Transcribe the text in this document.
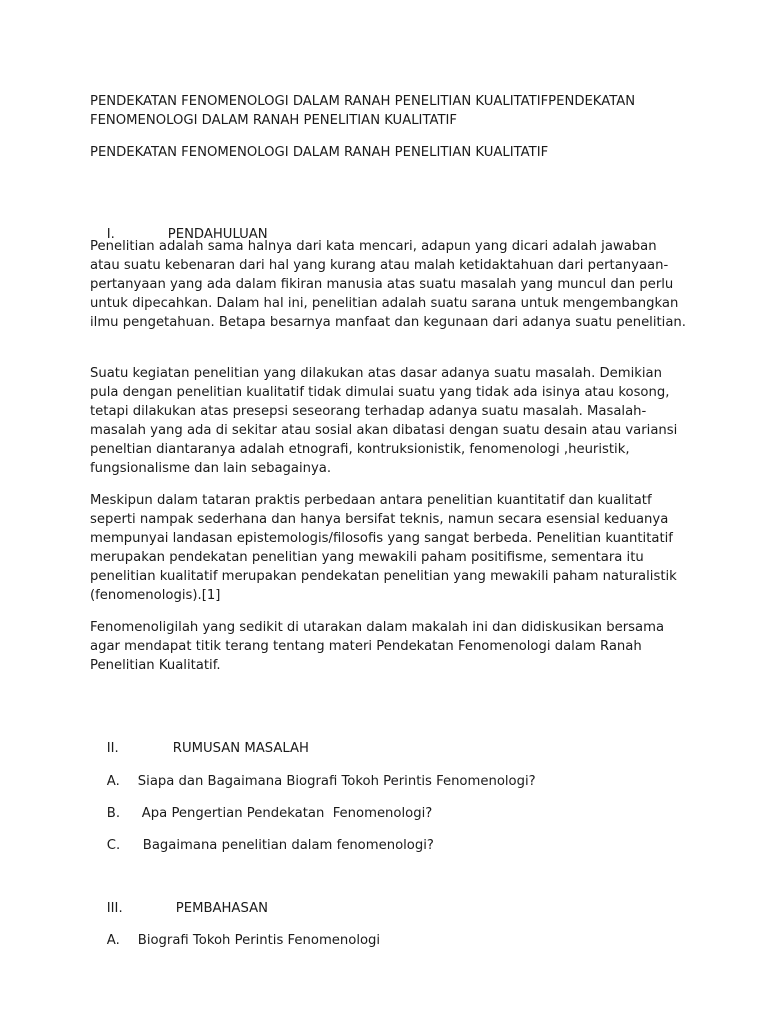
PENDEKATAN FENOMENOLOGI DALAM RANAH PENELITIAN KUALITATIFPENDEKATAN FENOMENOLOGI DALAM RANAH PENELITIAN KUALITATIF
PENDEKATAN FENOMENOLOGI DALAM RANAH PENELITIAN KUALITATIF

I.	PENDAHULUAN

Penelitian adalah sama halnya dari kata mencari, adapun yang dicari adalah jawaban atau suatu kebenaran dari hal yang kurang atau malah ketidaktahuan dari pertanyaan-pertanyaan yang ada dalam fikiran manusia atas suatu masalah yang muncul dan perlu untuk dipecahkan. Dalam hal ini, penelitian adalah suatu sarana untuk mengembangkan ilmu pengetahuan. Betapa besarnya manfaat dan kegunaan dari adanya suatu penelitian.
Suatu kegiatan penelitian yang dilakukan atas dasar adanya suatu masalah. Demikian pula dengan penelitian kualitatif tidak dimulai suatu yang tidak ada isinya atau kosong, tetapi dilakukan atas presepsi seseorang terhadap adanya suatu masalah. Masalah-masalah yang ada di sekitar atau sosial akan dibatasi dengan suatu desain atau variansi peneltian diantaranya adalah etnografi, kontruksionistik, fenomenologi ,heuristik, fungsionalisme dan lain sebagainya.
Meskipun dalam tataran praktis perbedaan antara penelitian kuantitatif dan kualitatf seperti nampak sederhana dan hanya bersifat teknis, namun secara esensial keduanya mempunyai landasan epistemologis/filosofis yang sangat berbeda. Penelitian kuantitatif merupakan pendekatan penelitian yang mewakili paham positifisme, sementara itu penelitian kualitatif merupakan pendekatan penelitian yang mewakili paham naturalistik (fenomenologis).[1]
Fenomenoligilah yang sedikit di utarakan dalam makalah ini dan didiskusikan bersama agar mendapat titik terang tentang materi Pendekatan Fenomenologi dalam Ranah Penelitian Kualitatif.

II.	RUMUSAN MASALAH

A. Siapa dan Bagaimana Biografi Tokoh Perintis Fenomenologi?

B. Apa Pengertian Pendekatan  Fenomenologi?

C. Bagaimana penelitian dalam fenomenologi?

III.	PEMBAHASAN

A. Biografi Tokoh Perintis Fenomenologi
